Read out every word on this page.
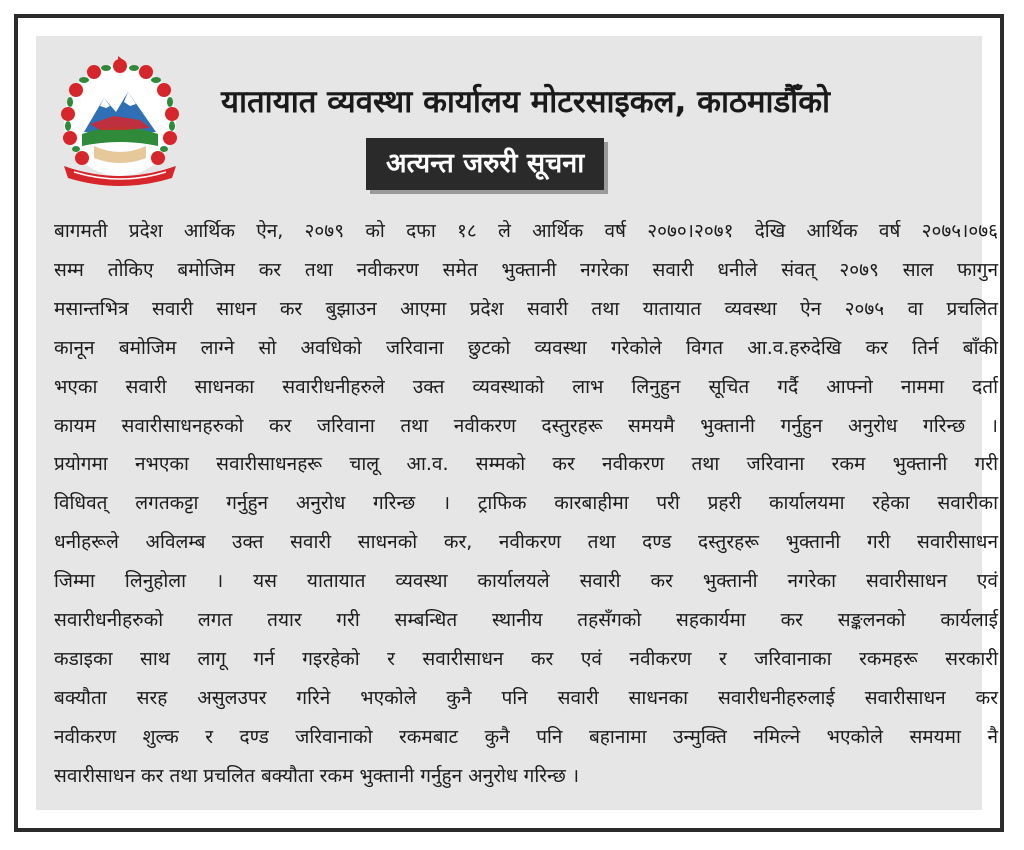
यातायात व्यवस्था कार्यालय मोटरसाइकल, काठमाडौँको
अत्यन्त जरुरी सूचना
बागमती प्रदेश आर्थिक ऐन, २०७९ को दफा १८ ले आर्थिक वर्ष २०७०।२०७१ देखि आर्थिक वर्ष २०७५।०७६
सम्म तोकिए बमोजिम कर तथा नवीकरण समेत भुक्तानी नगरेका सवारी धनीले संवत् २०७९ साल फागुन
मसान्तभित्र सवारी साधन कर बुझाउन आएमा प्रदेश सवारी तथा यातायात व्यवस्था ऐन २०७५ वा प्रचलित
कानून बमोजिम लाग्ने सो अवधिको जरिवाना छुटको व्यवस्था गरेकोले विगत आ.व.हरुदेखि कर तिर्न बाँकी
भएका सवारी साधनका सवारीधनीहरुले उक्त व्यवस्थाको लाभ लिनुहुन सूचित गर्दै आफ्नो नाममा दर्ता
कायम सवारीसाधनहरुको कर जरिवाना तथा नवीकरण दस्तुरहरू समयमै भुक्तानी गर्नुहुन अनुरोध गरिन्छ ।
प्रयोगमा नभएका सवारीसाधनहरू चालू आ.व. सम्मको कर नवीकरण तथा जरिवाना रकम भुक्तानी गरी
विधिवत् लगतकट्टा गर्नुहुन अनुरोध गरिन्छ । ट्राफिक कारबाहीमा परी प्रहरी कार्यालयमा रहेका सवारीका
धनीहरूले अविलम्ब उक्त सवारी साधनको कर, नवीकरण तथा दण्ड दस्तुरहरू भुक्तानी गरी सवारीसाधन
जिम्मा लिनुहोला । यस यातायात व्यवस्था कार्यालयले सवारी कर भुक्तानी नगरेका सवारीसाधन एवं
सवारीधनीहरुको लगत तयार गरी सम्बन्धित स्थानीय तहसँगको सहकार्यमा कर सङ्कलनको कार्यलाई
कडाइका साथ लागू गर्न गइरहेको र सवारीसाधन कर एवं नवीकरण र जरिवानाका रकमहरू सरकारी
बक्यौता सरह असुलउपर गरिने भएकोले कुनै पनि सवारी साधनका सवारीधनीहरुलाई सवारीसाधन कर
नवीकरण शुल्क र दण्ड जरिवानाको रकमबाट कुनै पनि बहानामा उन्मुक्ति नमिल्ने भएकोले समयमा नै
सवारीसाधन कर तथा प्रचलित बक्यौता रकम भुक्तानी गर्नुहुन अनुरोध गरिन्छ ।
